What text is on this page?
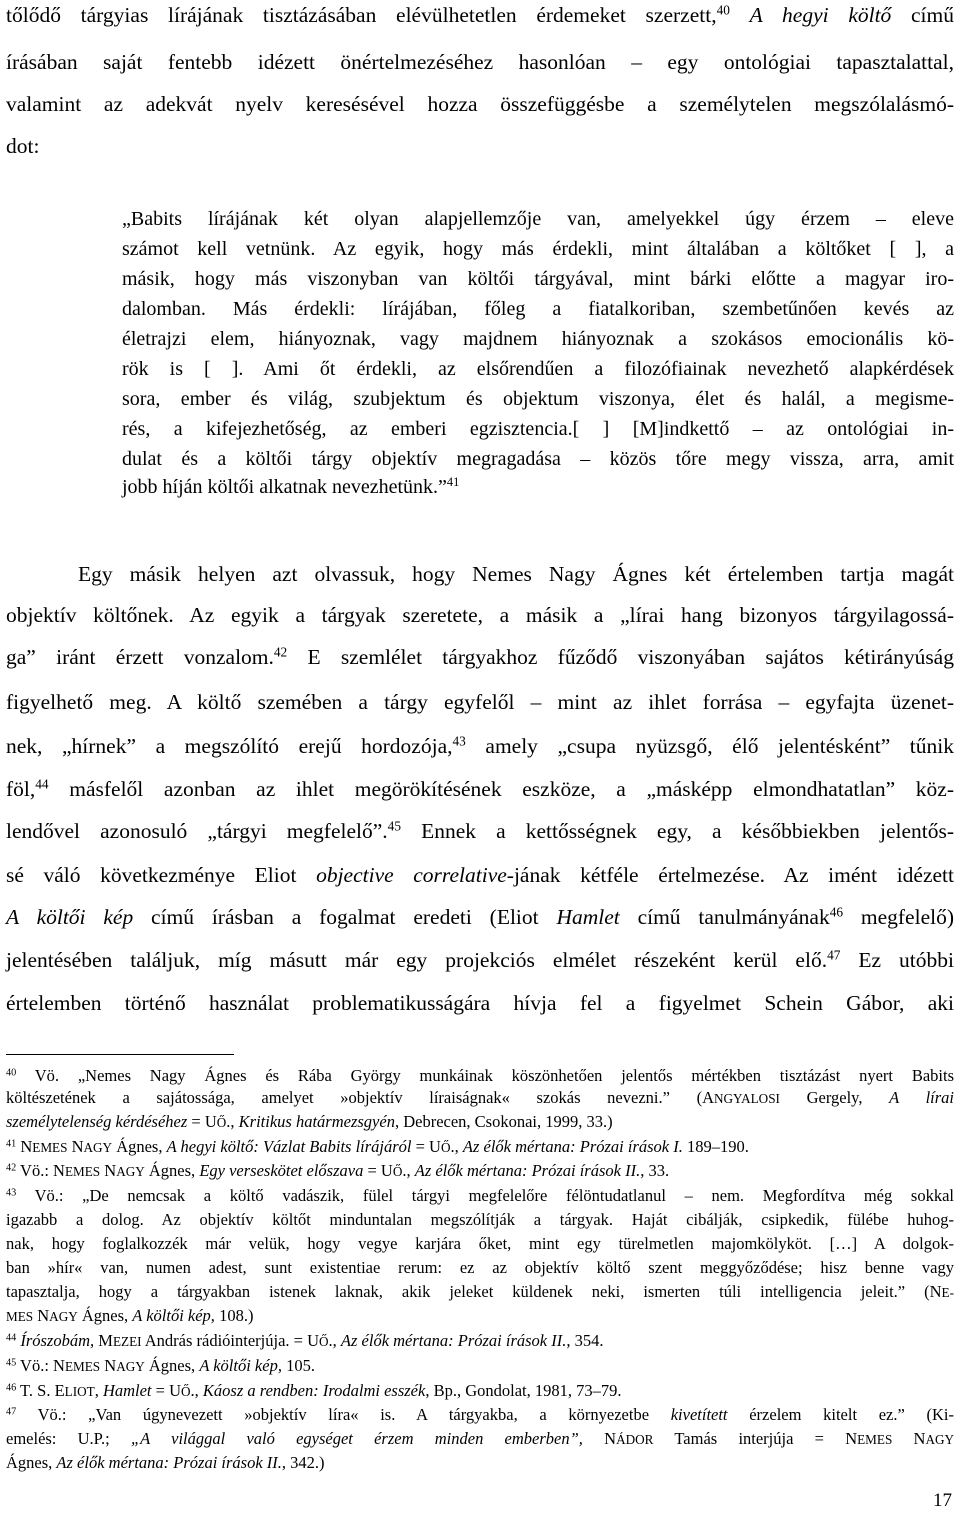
tőlődő tárgyias lírájának tisztázásában elévülhetetlen érdemeket szerzett,$^{40}$ A hegyi költő című
írásában saját fentebb idézett önértelmezéséhez hasonlóan – egy ontológiai tapasztalattal,
valamint az adekvát nyelv keresésével hozza összefüggésbe a személytelen megszólalásmó-
dot:
„Babits lírájának két olyan alapjellemzője van, amelyekkel úgy érzem – eleve
számot kell vetnünk. Az egyik, hogy más érdekli, mint általában a költőket [ ], a
másik, hogy más viszonyban van költői tárgyával, mint bárki előtte a magyar iro-
dalomban. Más érdekli: lírájában, főleg a fiatalkoriban, szembetűnően kevés az
életrajzi elem, hiányoznak, vagy majdnem hiányoznak a szokásos emocionális kö-
rök is [ ]. Ami őt érdekli, az elsőrendűen a filozófiainak nevezhető alapkérdések
sora, ember és világ, szubjektum és objektum viszonya, élet és halál, a megisme-
rés, a kifejezhetőség, az emberi egzisztencia.[ ] [M]indkettő – az ontológiai in-
dulat és a költői tárgy objektív megragadása – közös tőre megy vissza, arra, amit
jobb híján költői alkatnak nevezhetünk.”$^{41}$
Egy másik helyen azt olvassuk, hogy Nemes Nagy Ágnes két értelemben tartja magát
objektív költőnek. Az egyik a tárgyak szeretete, a másik a „lírai hang bizonyos tárgyilagossá-
ga” iránt érzett vonzalom.$^{42}$ E szemlélet tárgyakhoz fűződő viszonyában sajátos kétirányúság
figyelhető meg. A költő szemében a tárgy egyfelől – mint az ihlet forrása – egyfajta üzenet-
nek, „hírnek” a megszólító erejű hordozója,$^{43}$ amely „csupa nyüzsgő, élő jelentésként” tűnik
föl,$^{44}$ másfelől azonban az ihlet megörökítésének eszköze, a „másképp elmondhatatlan” köz-
lendővel azonosuló „tárgyi megfelelő”.$^{45}$ Ennek a kettősségnek egy, a későbbiekben jelentős-
sé váló következménye Eliot objective correlative-jának kétféle értelmezése. Az imént idézett
A költői kép című írásban a fogalmat eredeti (Eliot Hamlet című tanulmányának$^{46}$ megfelelő)
jelentésében találjuk, míg másutt már egy projekciós elmélet részeként kerül elő.$^{47}$ Ez utóbbi
értelemben történő használat problematikusságára hívja fel a figyelmet Schein Gábor, aki
$^{40}$ Vö. „Nemes Nagy Ágnes és Rába György munkáinak köszönhetően jelentős mértékben tisztázást nyert Babits
költészetének a sajátossága, amelyet »objektív líraiságnak« szokás nevezni.” (ANGYALOSI Gergely, A lírai
személytelenség kérdéséhez = UŐ., Kritikus határmezsgyén, Debrecen, Csokonai, 1999, 33.)
$^{41}$ NEMES NAGY Ágnes, A hegyi költő: Vázlat Babits lírájáról = UŐ., Az élők mértana: Prózai írások I. 189–190.
$^{42}$ Vö.: NEMES NAGY Ágnes, Egy verseskötet előszava = UŐ., Az élők mértana: Prózai írások II., 33.
$^{43}$ Vö.: „De nemcsak a költő vadászik, fülel tárgyi megfelelőre félöntudatlanul – nem. Megfordítva még sokkal
igazabb a dolog. Az objektív költőt minduntalan megszólítják a tárgyak. Haját cibálják, csipkedik, fülébe huhog-
nak, hogy foglalkozzék már velük, hogy vegye karjára őket, mint egy türelmetlen majomkölyköt. […] A dolgok-
ban »hír« van, numen adest, sunt existentiae rerum: ez az objektív költő szent meggyőződése; hisz benne vagy
tapasztalja, hogy a tárgyakban istenek laknak, akik jeleket küldenek neki, ismerten túli intelligencia jeleit.” (NE-
MES NAGY Ágnes, A költői kép, 108.)
$^{44}$ Írószobám, MEZEI András rádióinterjúja. = UŐ., Az élők mértana: Prózai írások II., 354.
$^{45}$ Vö.: NEMES NAGY Ágnes, A költői kép, 105.
$^{46}$ T. S. ELIOT, Hamlet = UŐ., Káosz a rendben: Irodalmi esszék, Bp., Gondolat, 1981, 73–79.
$^{47}$ Vö.: „Van úgynevezett »objektív líra« is. A tárgyakba, a környezetbe kivetített érzelem kitelt ez.” (Ki-
emelés: U.P.; „A világgal való egységet érzem minden emberben”, NÁDOR Tamás interjúja = NEMES NAGY
Ágnes, Az élők mértana: Prózai írások II., 342.)
17
